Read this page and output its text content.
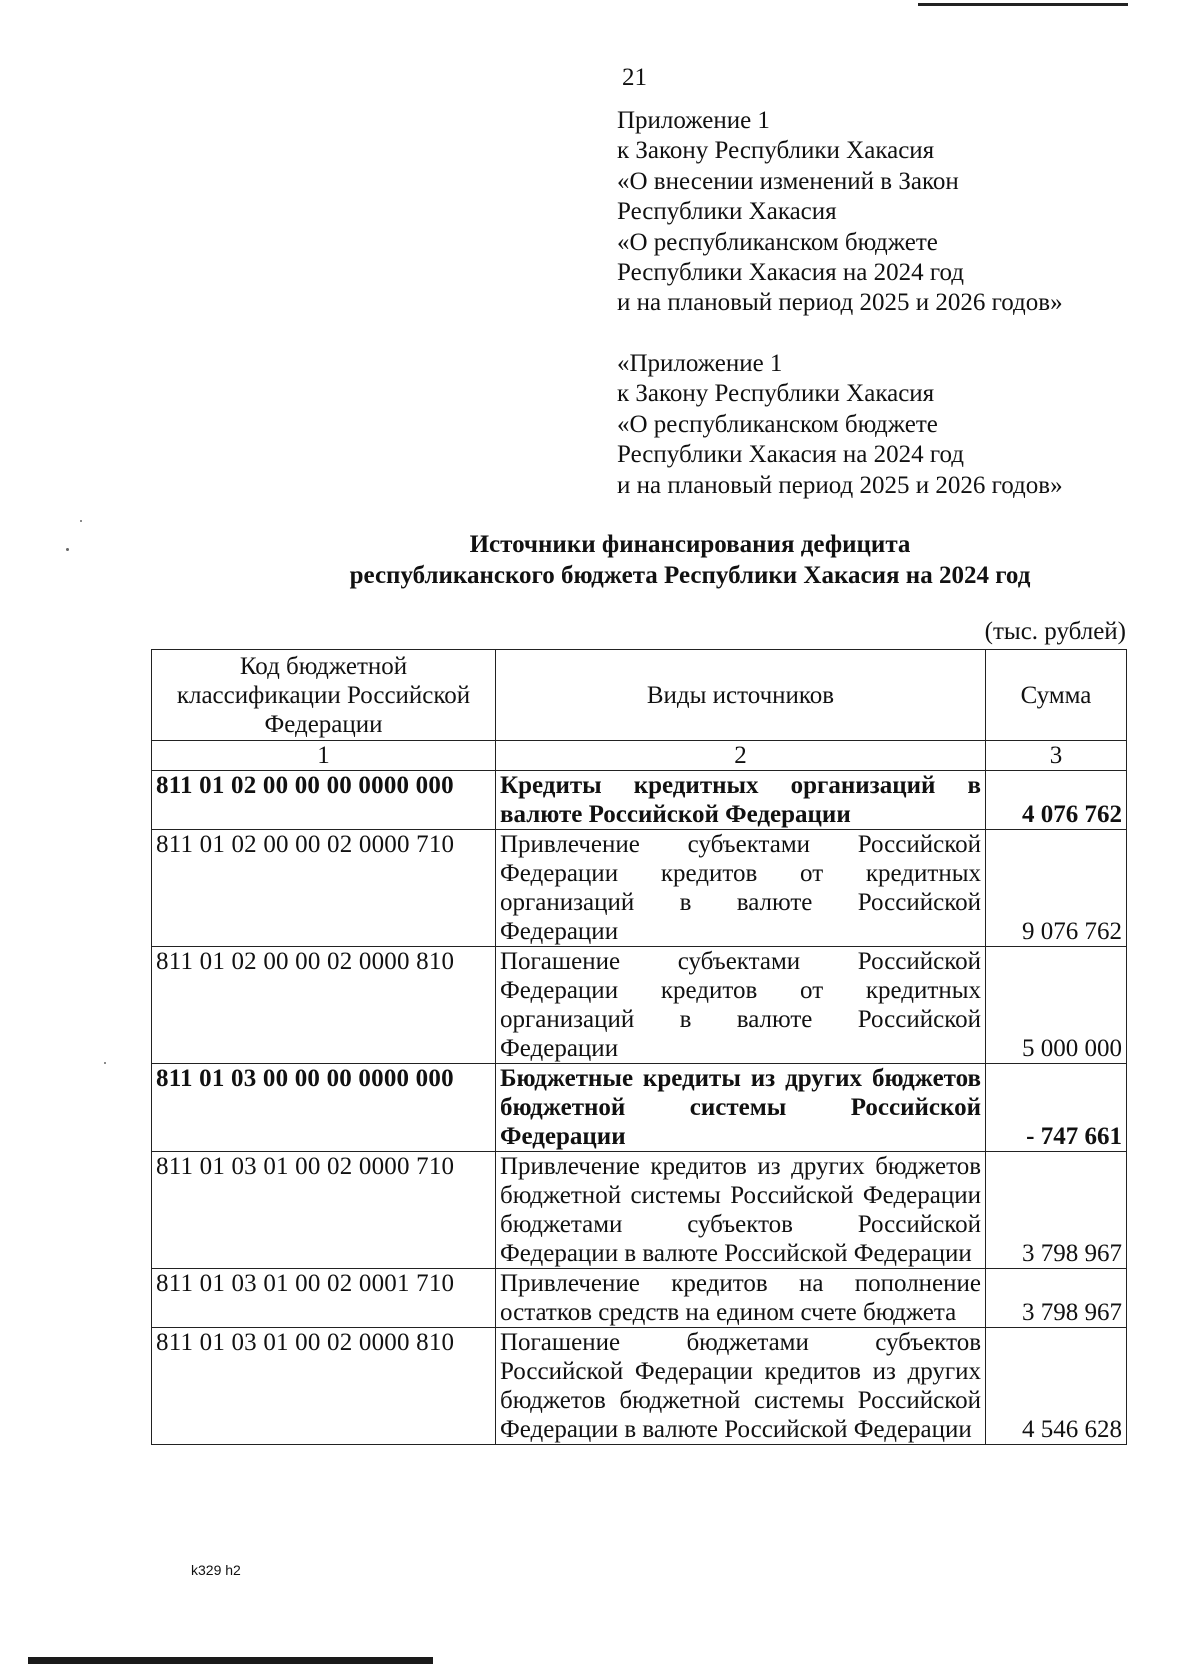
21
Приложение 1
к Закону Республики Хакасия
«О внесении изменений в Закон
Республики Хакасия
«О республиканском бюджете
Республики Хакасия на 2024 год
и на плановый период 2025 и 2026 годов»
«Приложение 1
к Закону Республики Хакасия
«О республиканском бюджете
Республики Хакасия на 2024 год
и на плановый период 2025 и 2026 годов»
Источники финансирования дефицита
республиканского бюджета Республики Хакасия на 2024 год
(тыс. рублей)
Код бюджетной классификации Российской Федерации	Виды источников	Сумма
1	2	3
811 01 02 00 00 00 0000 000	Кредиты кредитных организаций в валюте Российской Федерации	4 076 762
811 01 02 00 00 02 0000 710	Привлечение субъектами Российской Федерации кредитов от кредитных организаций в валюте Российской Федерации	9 076 762
811 01 02 00 00 02 0000 810	Погашение субъектами Российской Федерации кредитов от кредитных организаций в валюте Российской Федерации	5 000 000
811 01 03 00 00 00 0000 000	Бюджетные кредиты из других бюджетов бюджетной системы Российской Федерации	- 747 661
811 01 03 01 00 02 0000 710	Привлечение кредитов из других бюджетов бюджетной системы Российской Федерации бюджетами субъектов Российской Федерации в валюте Российской Федерации	3 798 967
811 01 03 01 00 02 0001 710	Привлечение кредитов на пополнение остатков средств на едином счете бюджета	3 798 967
811 01 03 01 00 02 0000 810	Погашение бюджетами субъектов Российской Федерации кредитов из других бюджетов бюджетной системы Российской Федерации в валюте Российской Федерации	4 546 628
k329 h2
